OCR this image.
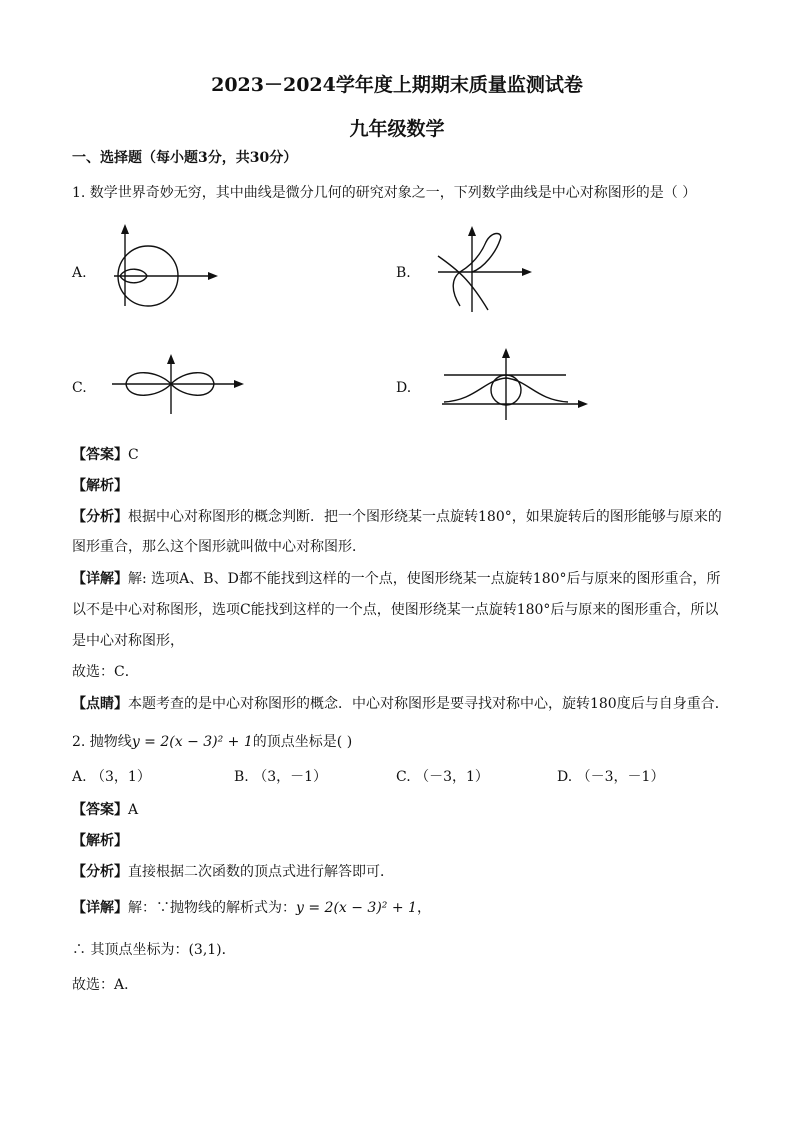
2023－2024学年度上期期末质量监测试卷
九年级数学
一、选择题（每小题3分，共30分）
1. 数学世界奇妙无穷，其中曲线是微分几何的研究对象之一，下列数学曲线是中心对称图形的是（ ）
A.	B.
C.	D.
【答案】C
【解析】
【分析】根据中心对称图形的概念判断．把一个图形绕某一点旋转180°，如果旋转后的图形能够与原来的
图形重合，那么这个图形就叫做中心对称图形．
【详解】解: 选项A、B、D都不能找到这样的一个点，使图形绕某一点旋转180°后与原来的图形重合，所
以不是中心对称图形，选项C能找到这样的一个点，使图形绕某一点旋转180°后与原来的图形重合，所以
是中心对称图形，
故选：C．
【点睛】本题考查的是中心对称图形的概念．中心对称图形是要寻找对称中心，旋转180度后与自身重合．
2. 抛物线y = 2(x − 3)² + 1的顶点坐标是( )
A. （3，1）	B. （3，－1）	C. （－3，1）	D. （－3，－1）
【答案】A
【解析】
【分析】直接根据二次函数的顶点式进行解答即可．
【详解】解：∵抛物线的解析式为：y = 2(x − 3)² + 1，
∴ 其顶点坐标为：(3,1)．
故选：A．
